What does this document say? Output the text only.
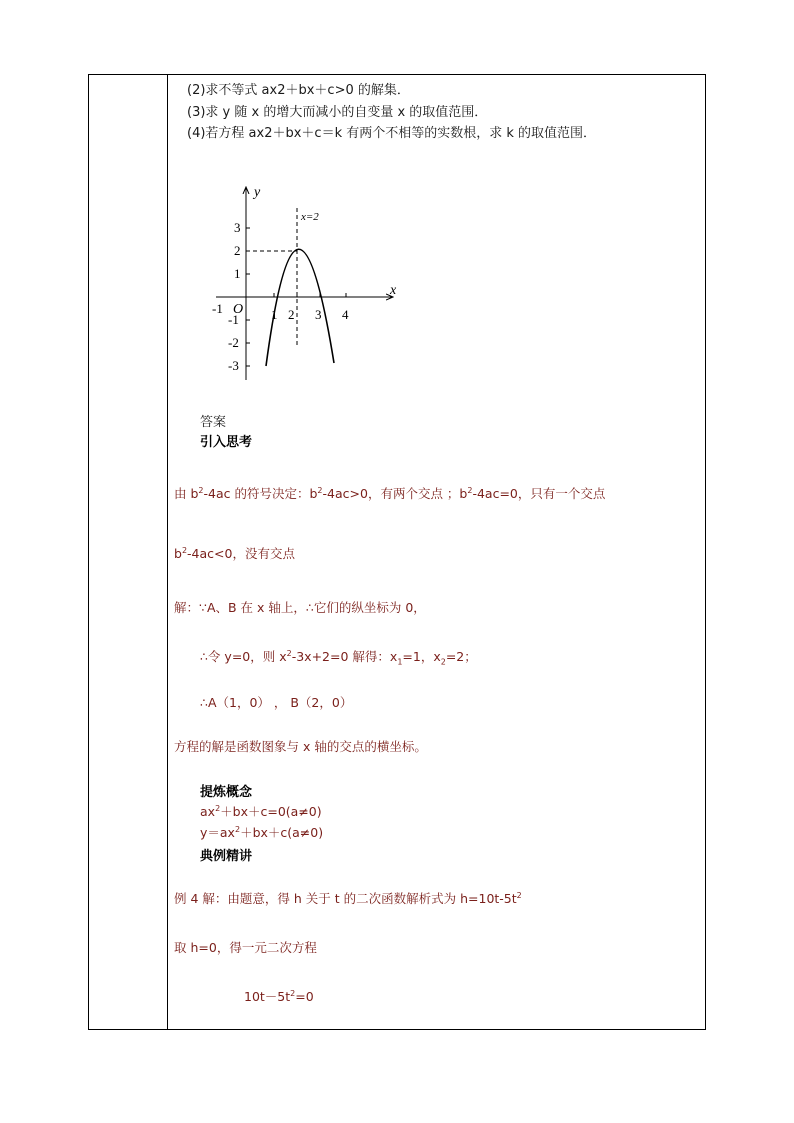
(2)求不等式 ax2＋bx＋c>0 的解集．
(3)求 y 随 x 的增大而减小的自变量 x 的取值范围．
(4)若方程 ax2＋bx＋c＝k 有两个不相等的实数根，求 k 的取值范围．
y
x
O
x=2
-1	1 2 3 4
3
2
1
-1
-2
-3
答案
引入思考
由 $b^2-4ac$ 的符号决定：$b^2-4ac>0$，有两个交点 ；$b^2-4ac=0$，只有一个交点
$b^2-4ac<0$，没有交点
解：∵A、B 在 x 轴上，∴它们的纵坐标为 0，
∴令 y=0，则 $x^2-3x+2=0$ 解得：$x_1=1$，$x_2=2$；
∴A（1，0） ， B（2，0）
方程的解是函数图象与 x 轴的交点的横坐标。
提炼概念
$ax^2+bx+c=0(a\ne 0)$
$y=ax^2+bx+c(a\ne 0)$
典例精讲
例 4 解：由题意，得 h 关于 t 的二次函数解析式为 $h=10t-5t^2$
取 h=0，得一元二次方程
$10t-5t^2=0$
